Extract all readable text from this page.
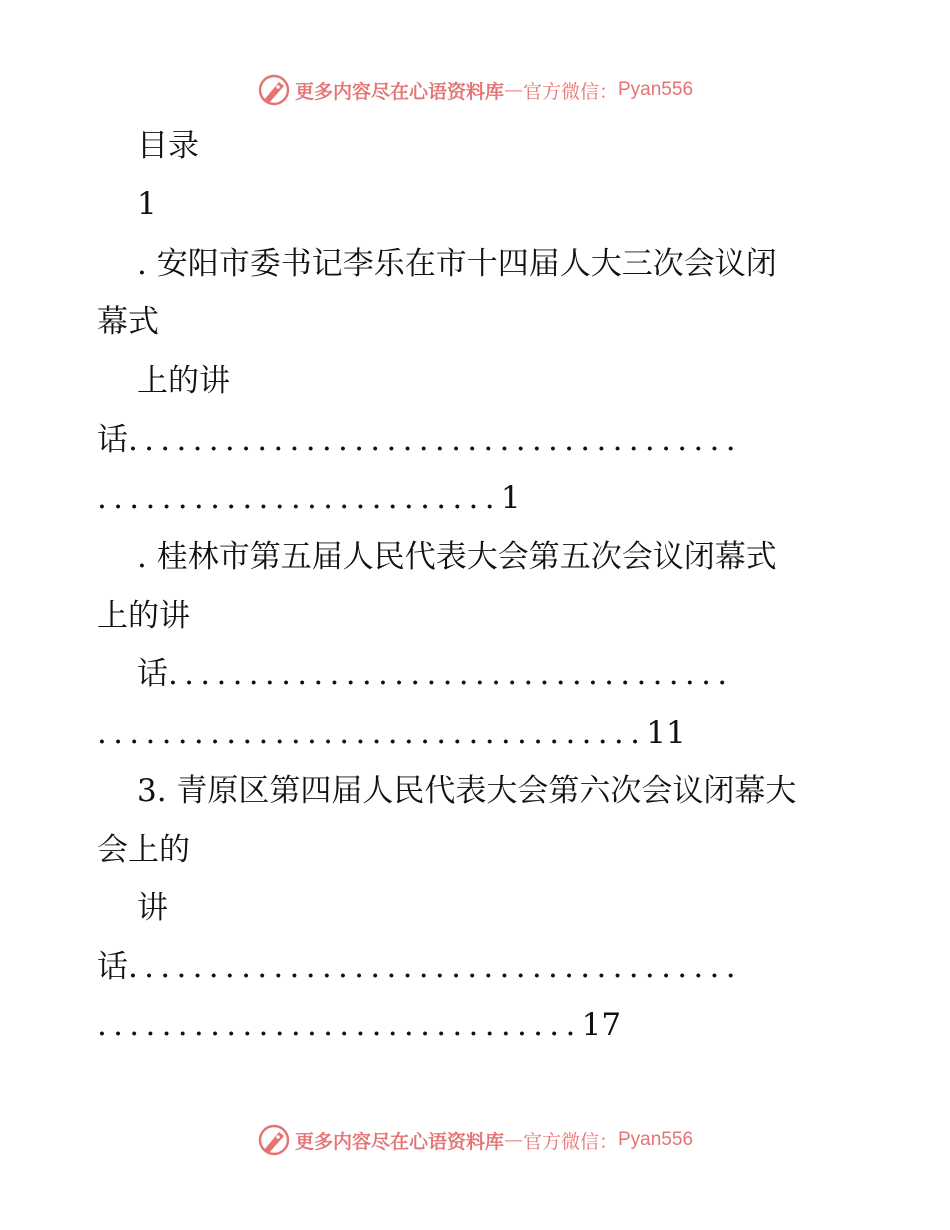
更多内容尽在心语资料库 — 官方微信： Pyan556
目录
1
. 安阳市委书记李乐在市十四届人大三次会议闭
幕式
上的讲
话......................................
.........................1
. 桂林市第五届人民代表大会第五次会议闭幕式
上的讲
话...................................
..................................11
3. 青原区第四届人民代表大会第六次会议闭幕大
会上的
讲
话......................................
..............................17
更多内容尽在心语资料库 — 官方微信： Pyan556
